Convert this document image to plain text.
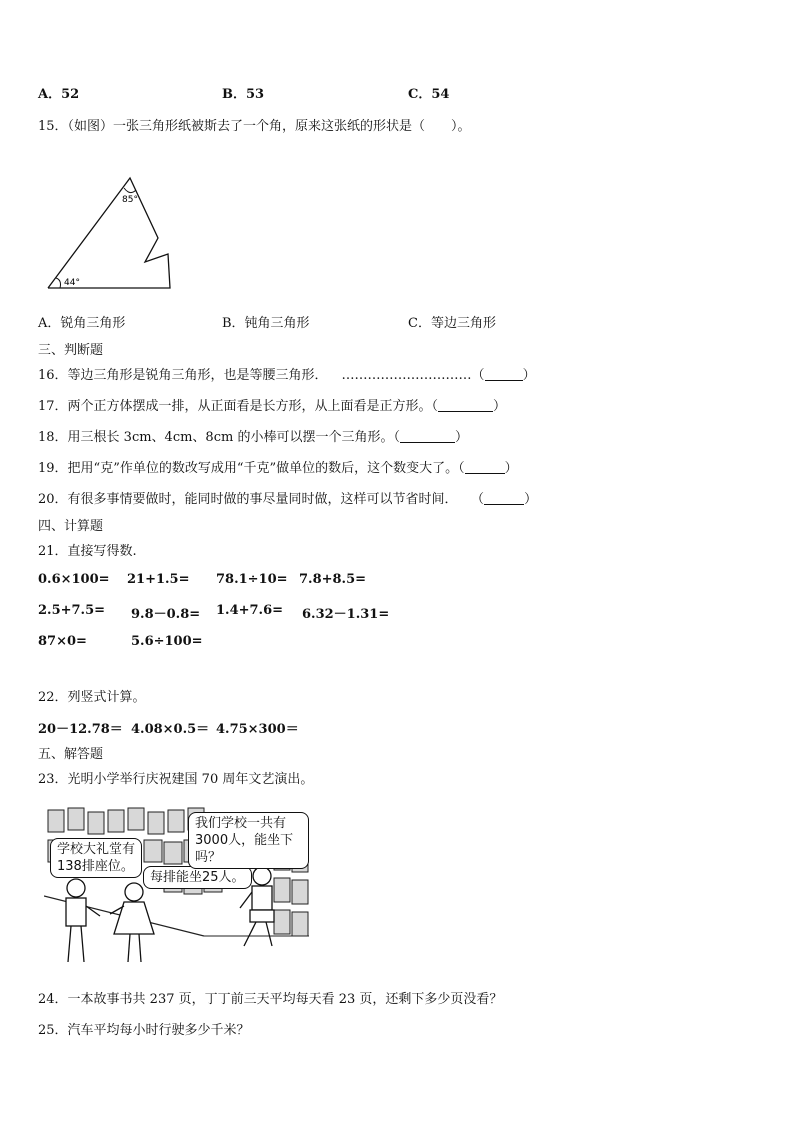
A．52	B．53	C．54
15．（如图）一张三角形纸被斯去了一个角，原来这张纸的形状是（　　）。
85°
44°
A．锐角三角形	B．钝角三角形	C．等边三角形
三、判断题
16．等边三角形是锐角三角形，也是等腰三角形． …………………………（	）
17．两个正方体摆成一排，从正面看是长方形，从上面看是正方形。（	）
18．用三根长 3cm、4cm、8cm 的小棒可以摆一个三角形。（	）
19．把用“克”作单位的数改写成用“千克”做单位的数后，这个数变大了。（	）
20．有很多事情要做时，能同时做的事尽量同时做，这样可以节省时间． （	）
四、计算题
21．直接写得数.
0.6×100= 21+1.5= 78.1÷10= 7.8+8.5=
2.5+7.5= 9.8－0.8= 1.4+7.6= 6.32－1.31=
87×0=	5.6÷100=
22．列竖式计算。
20－12.78＝ 4.08×0.5＝ 4.75×300＝
五、解答题
23．光明小学举行庆祝建国 70 周年文艺演出。
学校大礼堂有
138排座位。
每排能坐25人。
我们学校一共有
3000人，能坐下吗？
24．一本故事书共 237 页，丁丁前三天平均每天看 23 页，还剩下多少页没看？
25．汽车平均每小时行驶多少千米？
